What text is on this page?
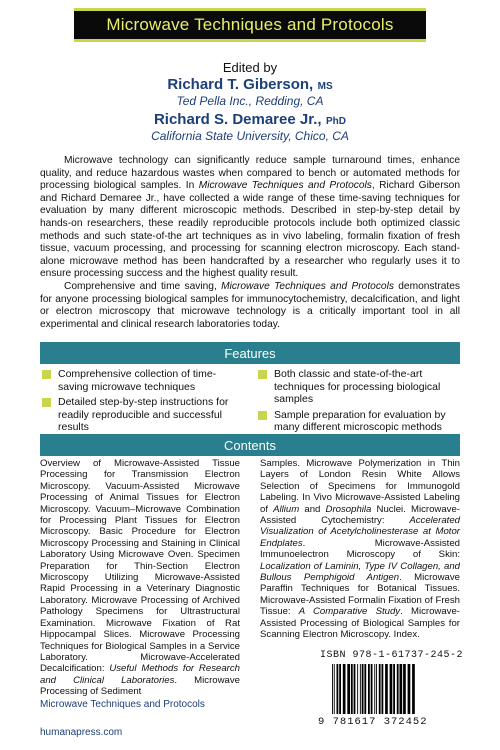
Microwave Techniques and Protocols
Edited by
Richard T. Giberson, MS
Ted Pella Inc., Redding, CA
Richard S. Demaree Jr., PhD
California State University, Chico, CA

Microwave technology can significantly reduce sample turnaround times, enhance quality, and reduce hazardous wastes when compared to bench or automated methods for processing biological samples. In Microwave Techniques and Protocols, Richard Giberson and Richard Demaree Jr., have collected a wide range of these time-saving techniques for evaluation by many different microscopic methods. Described in step-by-step detail by hands-on researchers, these readily reproducible protocols include both optimized classic methods and such state-of-the art techniques as in vivo labeling, formalin fixation of fresh tissue, vacuum processing, and processing for scanning electron microscopy. Each stand-alone microwave method has been handcrafted by a researcher who regularly uses it to ensure processing success and the highest quality result.

Comprehensive and time saving, Microwave Techniques and Protocols demonstrates for anyone processing biological samples for immunocytochemistry, decalcification, and light or electron microscopy that microwave technology is a critically important tool in all experimental and clinical research laboratories today.

Features
Comprehensive collection of time-saving microwave techniques
Detailed step-by-step instructions for readily reproducible and successful results
Both classic and state-of-the-art techniques for processing biological samples
Sample preparation for evaluation by many different microscopic methods
Contents
Overview of Microwave-Assisted Tissue Processing for Transmission Electron Microscopy. Vacuum-Assisted Microwave Processing of Animal Tissues for Electron Microscopy. Vacuum–Microwave Combination for Processing Plant Tissues for Electron Microscopy. Basic Procedure for Electron Microscopy Processing and Staining in Clinical Laboratory Using Microwave Oven. Specimen Preparation for Thin-Section Electron Microscopy Utilizing Microwave-Assisted Rapid Processing in a Veterinary Diagnostic Laboratory. Microwave Processing of Archived Pathology Specimens for Ultrastructural Examination. Microwave Fixation of Rat Hippocampal Slices. Microwave Processing Techniques for Biological Samples in a Service Laboratory. Microwave-Accelerated Decalcification: Useful Methods for Research and Clinical Laboratories. Microwave Processing of Sediment
Samples. Microwave Polymerization in Thin Layers of London Resin White Allows Selection of Specimens for Immunogold Labeling. In Vivo Microwave-Assisted Labeling of Allium and Drosophila Nuclei. Microwave-Assisted Cytochemistry: Accelerated Visualization of Acetylcholinesterase at Motor Endplates. Microwave-Assisted Immunoelectron Microscopy of Skin: Localization of Laminin, Type IV Collagen, and Bullous Pemphigoid Antigen. Microwave Paraffin Techniques for Botanical Tissues. Microwave-Assisted Formalin Fixation of Fresh Tissue: A Comparative Study. Microwave-Assisted Processing of Biological Samples for Scanning Electron Microscopy. Index.
ISBN 978-1-61737-245-2
9 781617 372452
Microwave Techniques and Protocols
humanapress.com
